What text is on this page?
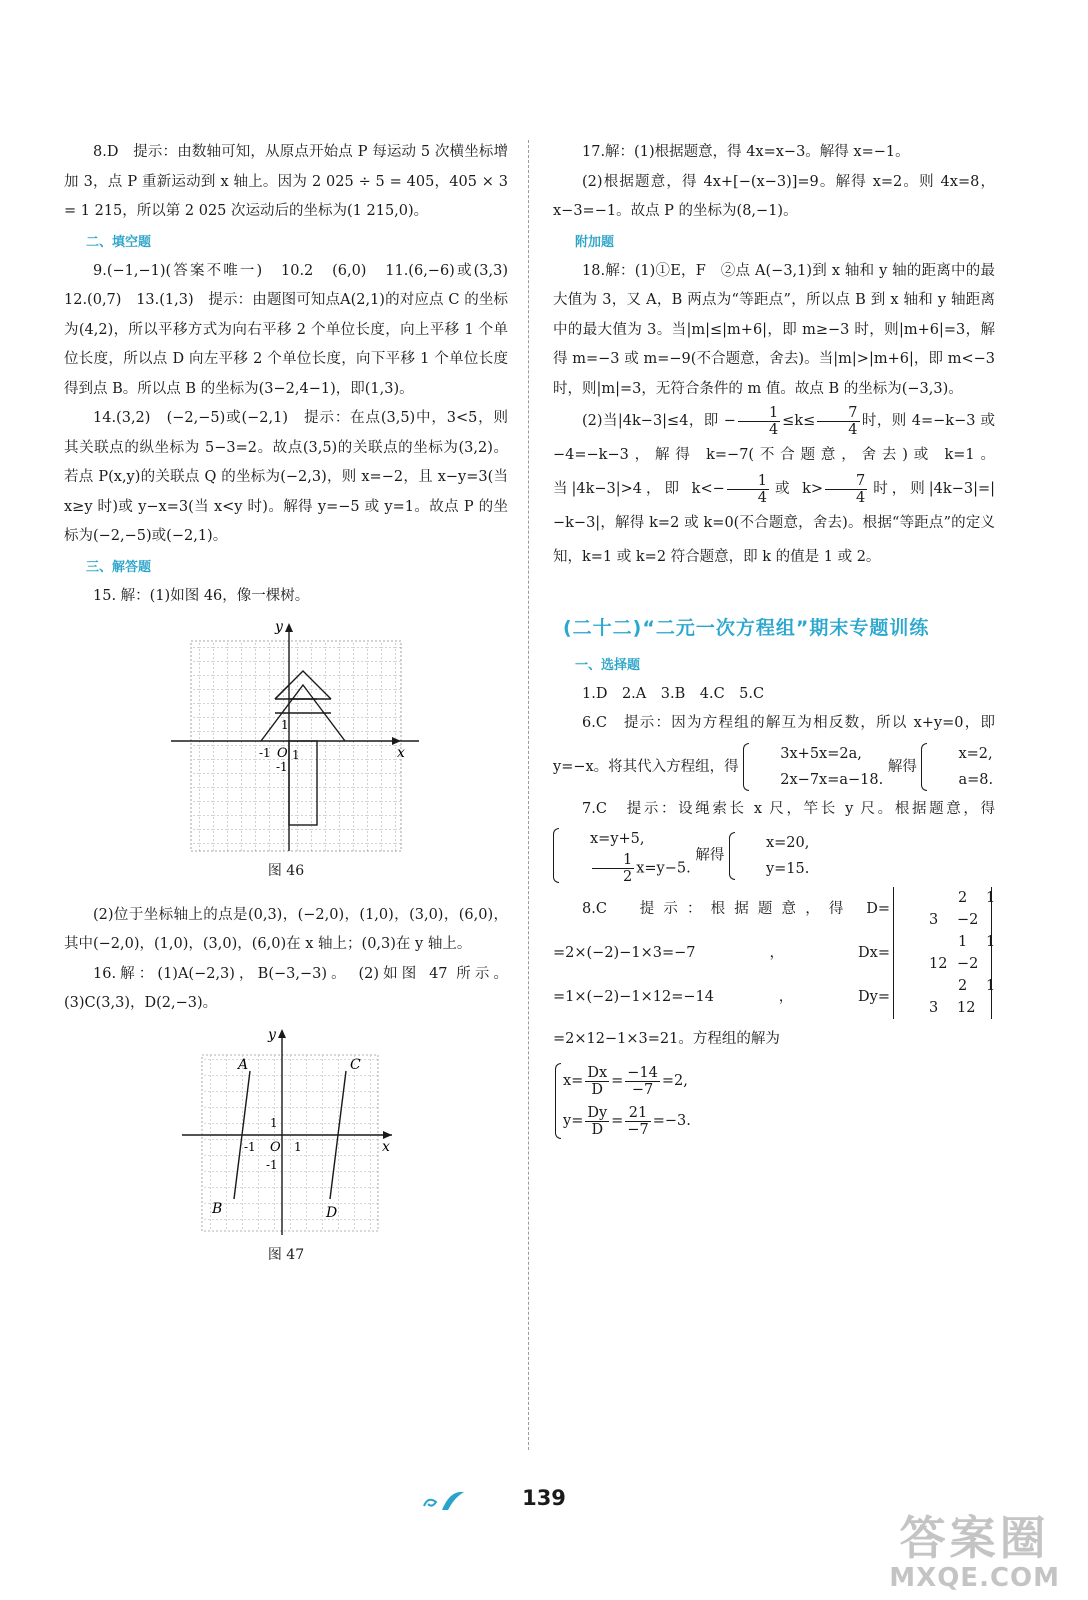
8.D　提示：由数轴可知，从原点开始点 P 每运动 5 次横坐标增加 3，点 P 重新运动到 x 轴上。因为 2 025 ÷ 5 = 405，405 × 3 = 1 215，所以第 2 025 次运动后的坐标为(1 215,0)。

二、填空题

9.(−1,−1)(答案不唯一)　10.2　(6,0)　11.(6,−6)或(3,3)　12.(0,7)　13.(1,3)　提示：由题图可知点A(2,1)的对应点 C 的坐标为(4,2)，所以平移方式为向右平移 2 个单位长度，向上平移 1 个单位长度，所以点 D 向左平移 2 个单位长度，向下平移 1 个单位长度得到点 B。所以点 B 的坐标为(3−2,4−1)，即(1,3)。

14.(3,2)　(−2,−5)或(−2,1)　提示：在点(3,5)中，3<5，则其关联点的纵坐标为 5−3=2。故点(3,5)的关联点的坐标为(3,2)。若点 P(x,y)的关联点 Q 的坐标为(−2,3)，则 x=−2，且 x−y=3(当 x≥y 时)或 y−x=3(当 x<y 时)。解得 y=−5 或 y=1。故点 P 的坐标为(−2,−5)或(−2,1)。

三、解答题

15. 解：(1)如图 46，像一棵树。

y
x
O 1
1
-1
-1
图 46

(2)位于坐标轴上的点是(0,3)，(−2,0)，(1,0)，(3,0)，(6,0)，其中(−2,0)，(1,0)，(3,0)，(6,0)在 x 轴上；(0,3)在 y 轴上。

16.解：(1)A(−2,3)，B(−3,−3)。 (2)如图 47 所示。 (3)C(3,3)，D(2,−3)。

y
x
O 1
1
-1
-1
A
B
C
D
图 47

17.解：(1)根据题意，得 4x=x−3。解得 x=−1。

(2)根据题意，得 4x+[−(x−3)]=9。解得 x=2。则 4x=8，x−3=−1。故点 P 的坐标为(8,−1)。

附加题

18.解：(1)①E，F　②点 A(−3,1)到 x 轴和 y 轴的距离中的最大值为 3，又 A，B 两点为“等距点”，所以点 B 到 x 轴和 y 轴距离中的最大值为 3。当|m|≤|m+6|，即 m≥−3 时，则|m+6|=3，解得 m=−3 或 m=−9(不合题意，舍去)。当|m|>|m+6|，即 m<−3 时，则|m|=3，无符合条件的 m 值。故点 B 的坐标为(−3,3)。

(2)当|4k−3|≤4，即 − $\frac{1}{4} \le k\le \frac{7}{4}$ 时，则 4=−k−3 或 −4=−k−3，解得 k=−7(不合题意，舍去)或 k=1。当|4k−3|>4，即 $k<- \frac{1}{4}$ 或 $k> \frac{7}{4}$ 时，则|4k−3|=|−k−3|，解得 k=2 或 k=0(不合题意，舍去)。根据“等距点”的定义知，k=1 或 k=2 符合题意，即 k 的值是 1 或 2。

(二十二)“二元一次方程组”期末专题训练
一、选择题

1.D　2.A　3.B　4.C　5.C

6.C　提示：因为方程组的解互为相反数，所以 x+y=0，即 y=−x。将其代入方程组，得
3x+5x=2a,
2x−7x=a−18.
解得
x=2,
a=8.

7.C　提示：设绳索长 x 尺，竿长 y 尺。根据题意，得
x=y+5,
$\frac{1}{2} x=y-5$.
解得
x=20,
y=15.

8.C　提示：根据题意，得 D=2 1
3 −2=2×(−2)−1×3=−7，Dx=1 1
12 −2=1×(−2)−1×12=−14，Dy=2 1
3 12=2×12−1×3=21。方程组的解为

$x= \frac{Dx}{D} = \frac{-14}{-7} =2$,
$y= \frac{Dy}{D} = \frac{21}{-7} =-3$.
139
答案圈
MXQE.COM
